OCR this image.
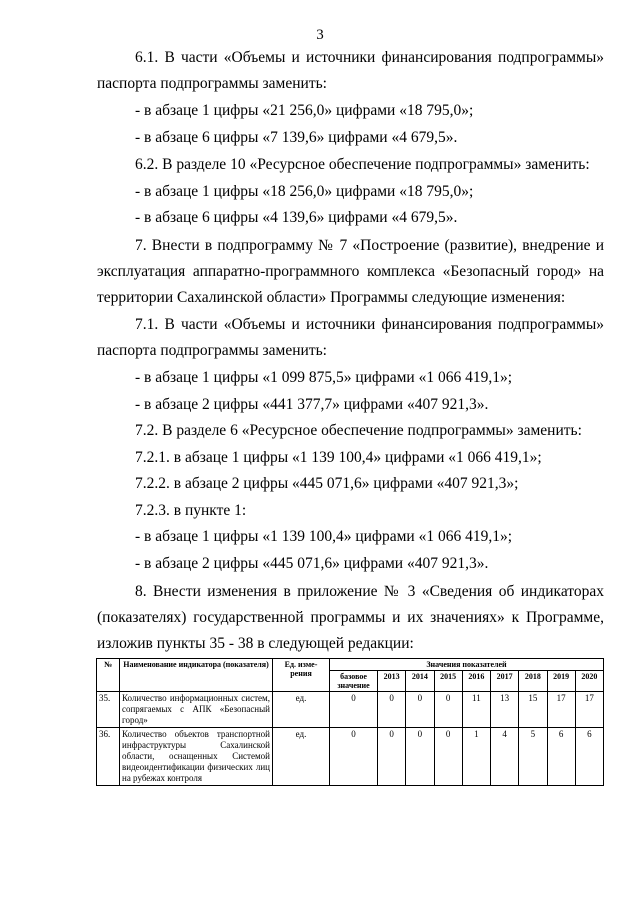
3
6.1. В части «Объемы и источники финансирования подпрограммы»
паспорта подпрограммы заменить:
- в абзаце 1 цифры «21 256,0» цифрами «18 795,0»;
- в абзаце 6 цифры «7 139,6» цифрами «4 679,5».
6.2. В разделе 10 «Ресурсное обеспечение подпрограммы» заменить:
- в абзаце 1 цифры «18 256,0» цифрами «18 795,0»;
- в абзаце 6 цифры «4 139,6» цифрами «4 679,5».
7. Внести в подпрограмму № 7 «Построение (развитие), внедрение и
эксплуатация аппаратно-программного комплекса «Безопасный город» на
территории Сахалинской области» Программы следующие изменения:
7.1. В части «Объемы и источники финансирования подпрограммы»
паспорта подпрограммы заменить:
- в абзаце 1 цифры «1 099 875,5» цифрами «1 066 419,1»;
- в абзаце 2 цифры «441 377,7» цифрами «407 921,3».
7.2. В разделе 6 «Ресурсное обеспечение подпрограммы» заменить:
7.2.1. в абзаце 1 цифры «1 139 100,4» цифрами «1 066 419,1»;
7.2.2. в абзаце 2 цифры «445 071,6» цифрами «407 921,3»;
7.2.3. в пункте 1:
- в абзаце 1 цифры «1 139 100,4» цифрами «1 066 419,1»;
- в абзаце 2 цифры «445 071,6» цифрами «407 921,3».
8. Внести изменения в приложение № 3 «Сведения об индикаторах
(показателях) государственной программы и их значениях» к Программе,
изложив пункты 35 - 38 в следующей редакции:
№	Наименование индикатора (показателя)	Ед. изме-рения	Значения показателей								
			базовое значение	2013	2014	2015	2016	2017	2018	2019	2020
35.	Количество информационных систем, сопрягаемых с АПК «Безопасный город»	ед.	0	0	0	0	11	13	15	17	17
36.	Количество объектов транспортной инфраструктуры Сахалинской области, оснащенных Системой видеоидентификации физических лиц на рубежах контроля	ед.	0	0	0	0	1	4	5	6	6
